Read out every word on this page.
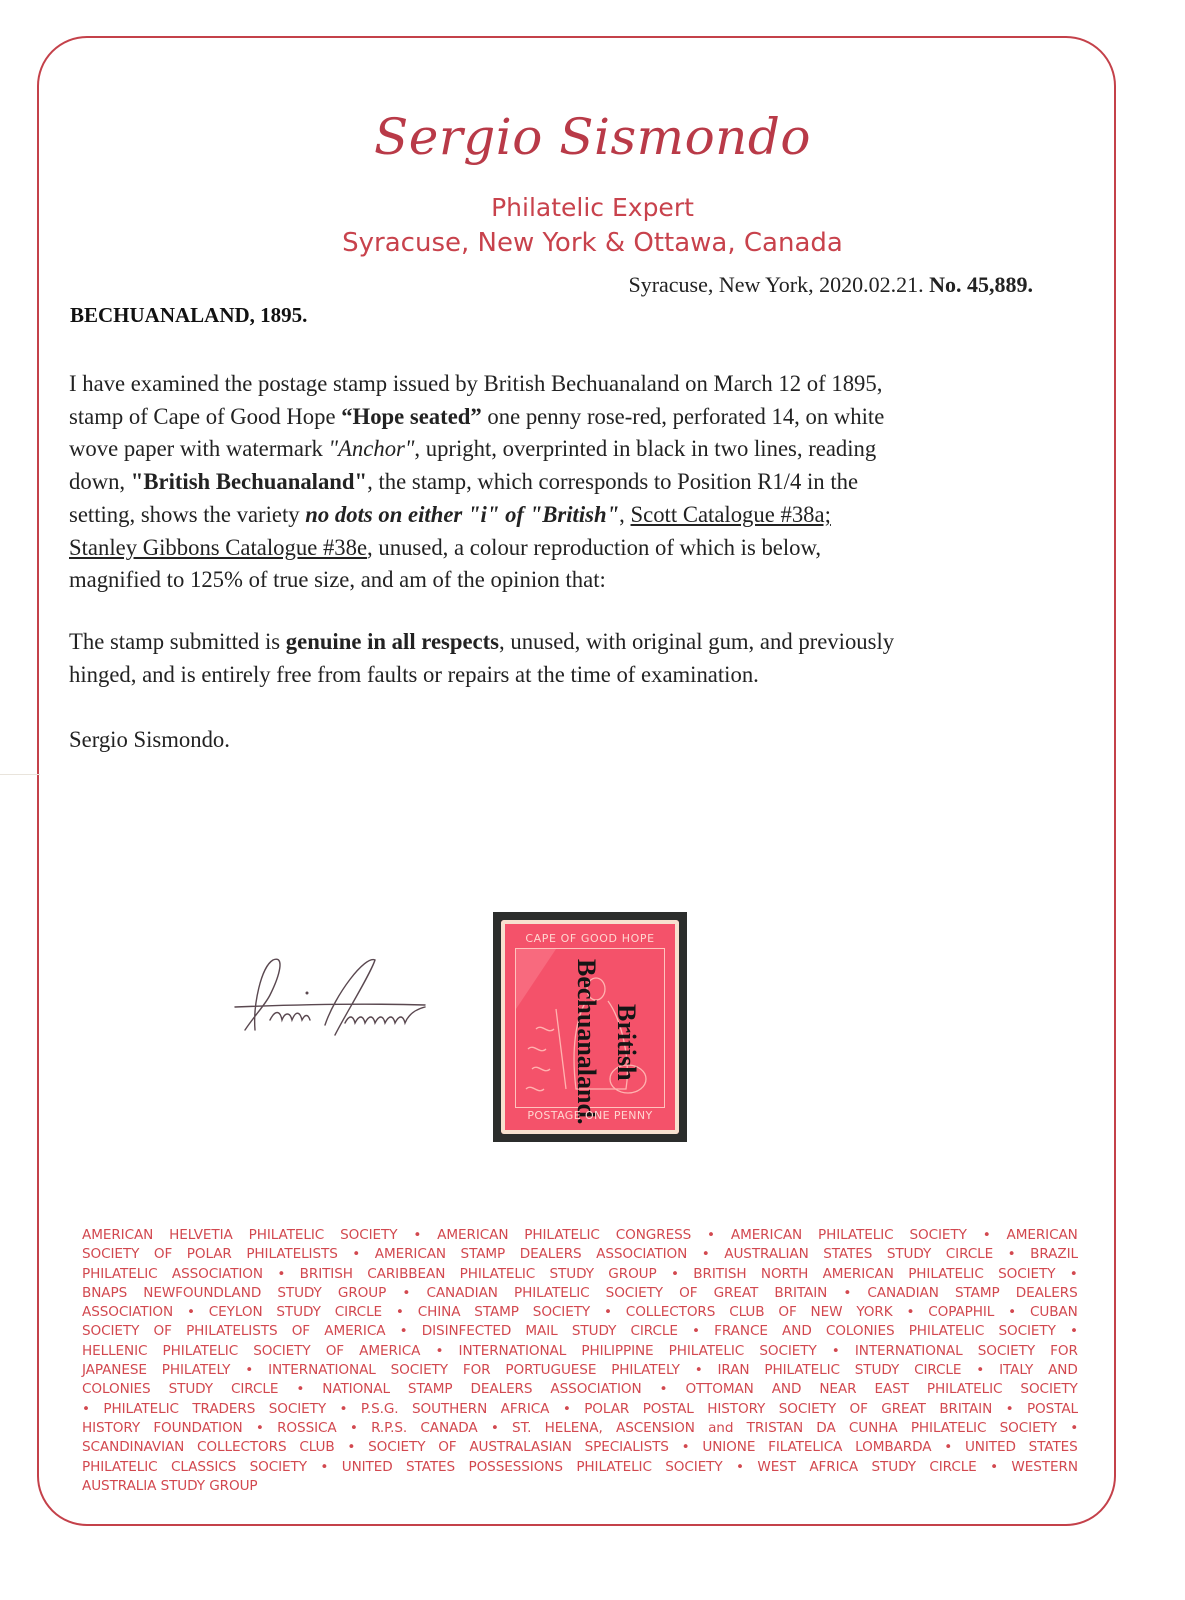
Sergio Sismondo
Philatelic Expert
Syracuse, New York & Ottawa, Canada
Syracuse, New York, 2020.02.21. No. 45,889.
BECHUANALAND, 1895.
I have examined the postage stamp issued by British Bechuanaland on March 12 of 1895,
stamp of Cape of Good Hope “Hope seated” one penny rose-red, perforated 14, on white
wove paper with watermark "Anchor", upright, overprinted in black in two lines, reading
down, "British Bechuanaland", the stamp, which corresponds to Position R1/4 in the
setting, shows the variety no dots on either "i" of "British", Scott Catalogue #38a;
Stanley Gibbons Catalogue #38e, unused, a colour reproduction of which is below,
magnified to 125% of true size, and am of the opinion that:
The stamp submitted is genuine in all respects, unused, with original gum, and previously
hinged, and is entirely free from faults or repairs at the time of examination.
Sergio Sismondo.
CAPE OF GOOD HOPE
Bechuanaland. British
POSTAGE ONE PENNY
AMERICAN HELVETIA PHILATELIC SOCIETY • AMERICAN PHILATELIC CONGRESS • AMERICAN PHILATELIC SOCIETY • AMERICAN
SOCIETY OF POLAR PHILATELISTS • AMERICAN STAMP DEALERS ASSOCIATION • AUSTRALIAN STATES STUDY CIRCLE • BRAZIL
PHILATELIC ASSOCIATION • BRITISH CARIBBEAN PHILATELIC STUDY GROUP • BRITISH NORTH AMERICAN PHILATELIC SOCIETY •
BNAPS NEWFOUNDLAND STUDY GROUP • CANADIAN PHILATELIC SOCIETY OF GREAT BRITAIN • CANADIAN STAMP DEALERS
ASSOCIATION • CEYLON STUDY CIRCLE • CHINA STAMP SOCIETY • COLLECTORS CLUB OF NEW YORK • COPAPHIL • CUBAN
SOCIETY OF PHILATELISTS OF AMERICA • DISINFECTED MAIL STUDY CIRCLE • FRANCE AND COLONIES PHILATELIC SOCIETY •
HELLENIC PHILATELIC SOCIETY OF AMERICA • INTERNATIONAL PHILIPPINE PHILATELIC SOCIETY • INTERNATIONAL SOCIETY FOR
JAPANESE PHILATELY • INTERNATIONAL SOCIETY FOR PORTUGUESE PHILATELY • IRAN PHILATELIC STUDY CIRCLE • ITALY AND
COLONIES STUDY CIRCLE • NATIONAL STAMP DEALERS ASSOCIATION • OTTOMAN AND NEAR EAST PHILATELIC SOCIETY
• PHILATELIC TRADERS SOCIETY • P.S.G. SOUTHERN AFRICA • POLAR POSTAL HISTORY SOCIETY OF GREAT BRITAIN • POSTAL
HISTORY FOUNDATION • ROSSICA • R.P.S. CANADA • ST. HELENA, ASCENSION and TRISTAN DA CUNHA PHILATELIC SOCIETY •
SCANDINAVIAN COLLECTORS CLUB • SOCIETY OF AUSTRALASIAN SPECIALISTS • UNIONE FILATELICA LOMBARDA • UNITED STATES
PHILATELIC CLASSICS SOCIETY • UNITED STATES POSSESSIONS PHILATELIC SOCIETY • WEST AFRICA STUDY CIRCLE • WESTERN
AUSTRALIA STUDY GROUP
